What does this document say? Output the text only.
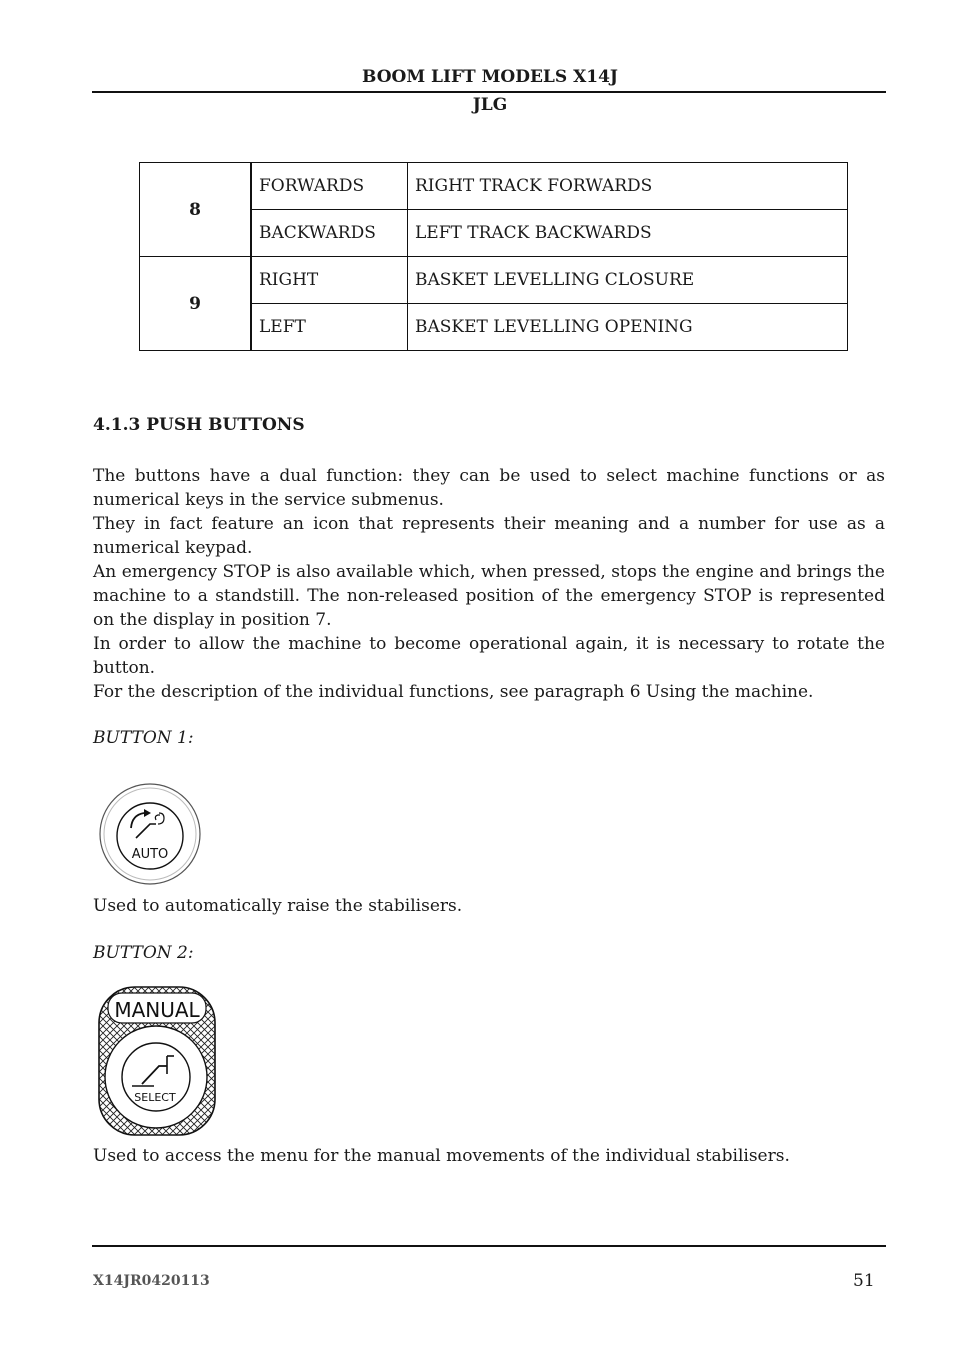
BOOM LIFT MODELS X14J
JLG
8	FORWARDS	RIGHT TRACK FORWARDS
	BACKWARDS	LEFT TRACK BACKWARDS
9	RIGHT	BASKET LEVELLING CLOSURE
	LEFT	BASKET LEVELLING OPENING
4.1.3 PUSH BUTTONS

The buttons have a dual function: they can be used to select machine functions or as numerical keys in the service submenus.

They in fact feature an icon that represents their meaning and a number for use as a numerical keypad.

An emergency STOP is also available which, when pressed, stops the engine and brings the machine to a standstill. The non-released position of the emergency STOP is represented on the display in position 7.

In order to allow the machine to become operational again, it is necessary to rotate the button.

For the description of the individual functions, see paragraph 6 Using the machine.

BUTTON 1:
AUTO
Used to automatically raise the stabilisers.
BUTTON 2:
MANUAL
SELECT
Used to access the menu for the manual movements of the individual stabilisers.
X14JR0420113	51
